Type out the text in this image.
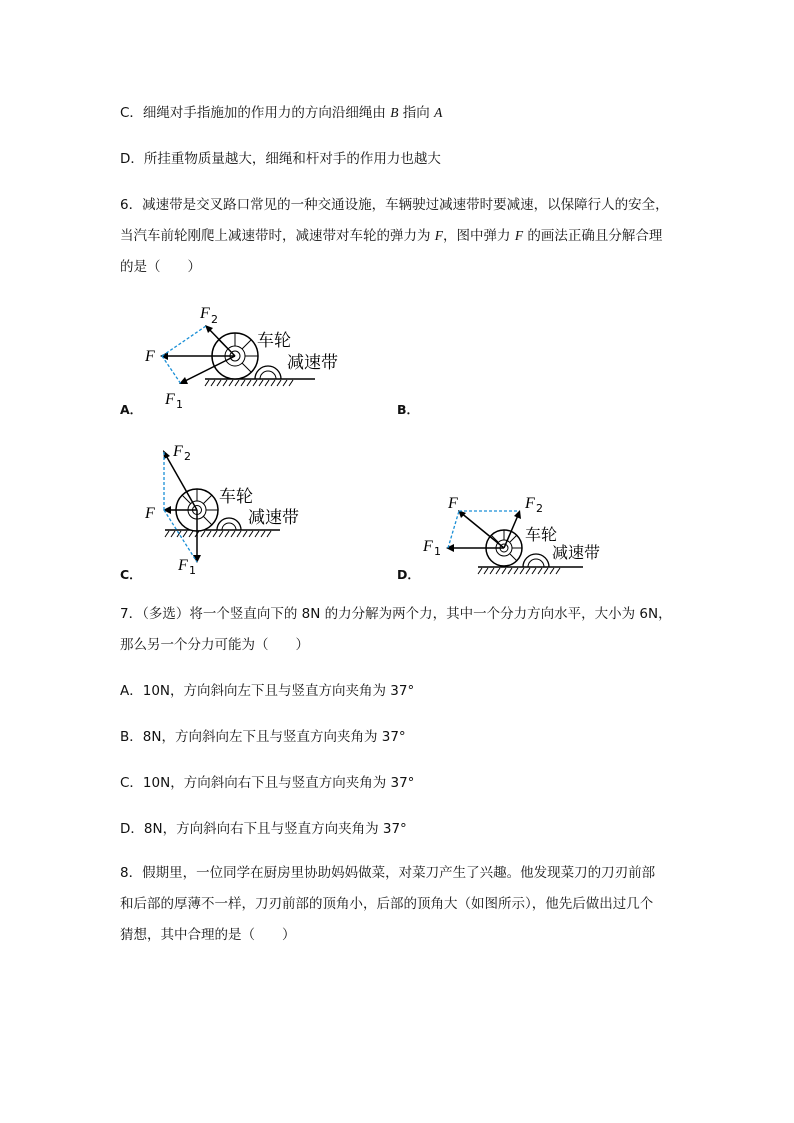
C．细绳对手指施加的作用力的方向沿细绳由 B 指向 A
D．所挂重物质量越大，细绳和杆对手的作用力也越大
6．减速带是交叉路口常见的一种交通设施，车辆驶过减速带时要减速，以保障行人的安全，
当汽车前轮刚爬上减速带时，减速带对车轮的弹力为 F，图中弹力 F 的画法正确且分解合理
的是（　　）
F
F 2
F 1
车轮
减速带
A．	B．
F
F 2
F 1
车轮
减速带
C．
F	F 2
F 1
车轮
减速带
D．
7．（多选）将一个竖直向下的 8N 的力分解为两个力，其中一个分力方向水平，大小为 6N，
那么另一个分力可能为（　　）
A．10N，方向斜向左下且与竖直方向夹角为 37°
B．8N，方向斜向左下且与竖直方向夹角为 37°
C．10N，方向斜向右下且与竖直方向夹角为 37°
D．8N，方向斜向右下且与竖直方向夹角为 37°
8．假期里，一位同学在厨房里协助妈妈做菜，对菜刀产生了兴趣。他发现菜刀的刀刃前部
和后部的厚薄不一样，刀刃前部的顶角小，后部的顶角大（如图所示），他先后做出过几个
猜想，其中合理的是（　　）
